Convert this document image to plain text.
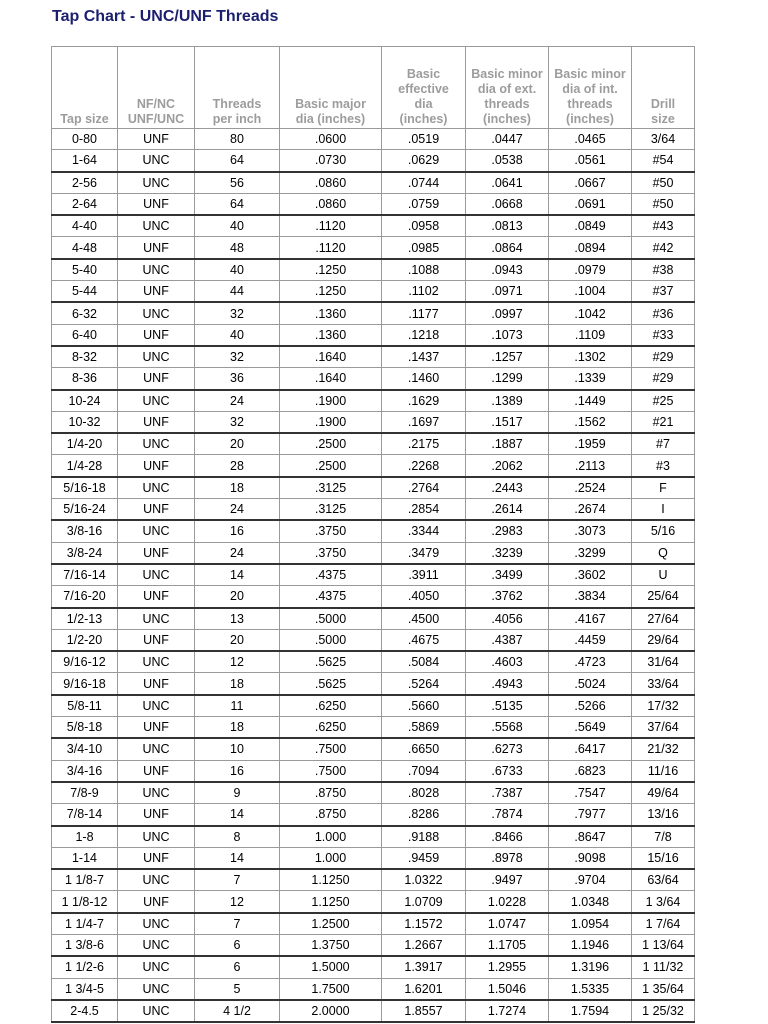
Tap Chart - UNC/UNF Threads
Tap size	NF/NC UNF/UNC	Threads per inch	Basic major dia (inches)	Basic effective dia (inches)	Basic minor dia of ext. threads (inches)	Basic minor dia of int. threads (inches)	Drill size

0-80	UNF	80	.0600	.0519	.0447	.0465	3/64
1-64	UNC	64	.0730	.0629	.0538	.0561	#54
2-56	UNC	56	.0860	.0744	.0641	.0667	#50
2-64	UNF	64	.0860	.0759	.0668	.0691	#50
4-40	UNC	40	.1120	.0958	.0813	.0849	#43
4-48	UNF	48	.1120	.0985	.0864	.0894	#42
5-40	UNC	40	.1250	.1088	.0943	.0979	#38
5-44	UNF	44	.1250	.1102	.0971	.1004	#37
6-32	UNC	32	.1360	.1177	.0997	.1042	#36
6-40	UNF	40	.1360	.1218	.1073	.1109	#33
8-32	UNC	32	.1640	.1437	.1257	.1302	#29
8-36	UNF	36	.1640	.1460	.1299	.1339	#29
10-24	UNC	24	.1900	.1629	.1389	.1449	#25
10-32	UNF	32	.1900	.1697	.1517	.1562	#21
1/4-20	UNC	20	.2500	.2175	.1887	.1959	#7
1/4-28	UNF	28	.2500	.2268	.2062	.2113	#3
5/16-18	UNC	18	.3125	.2764	.2443	.2524	F
5/16-24	UNF	24	.3125	.2854	.2614	.2674	I
3/8-16	UNC	16	.3750	.3344	.2983	.3073	5/16
3/8-24	UNF	24	.3750	.3479	.3239	.3299	Q
7/16-14	UNC	14	.4375	.3911	.3499	.3602	U
7/16-20	UNF	20	.4375	.4050	.3762	.3834	25/64
1/2-13	UNC	13	.5000	.4500	.4056	.4167	27/64
1/2-20	UNF	20	.5000	.4675	.4387	.4459	29/64
9/16-12	UNC	12	.5625	.5084	.4603	.4723	31/64
9/16-18	UNF	18	.5625	.5264	.4943	.5024	33/64
5/8-11	UNC	11	.6250	.5660	.5135	.5266	17/32
5/8-18	UNF	18	.6250	.5869	.5568	.5649	37/64
3/4-10	UNC	10	.7500	.6650	.6273	.6417	21/32
3/4-16	UNF	16	.7500	.7094	.6733	.6823	11/16
7/8-9	UNC	9	.8750	.8028	.7387	.7547	49/64
7/8-14	UNF	14	.8750	.8286	.7874	.7977	13/16
1-8	UNC	8	1.000	.9188	.8466	.8647	7/8
1-14	UNF	14	1.000	.9459	.8978	.9098	15/16
1 1/8-7	UNC	7	1.1250	1.0322	.9497	.9704	63/64
1 1/8-12	UNF	12	1.1250	1.0709	1.0228	1.0348	1 3/64
1 1/4-7	UNC	7	1.2500	1.1572	1.0747	1.0954	1 7/64
1 3/8-6	UNC	6	1.3750	1.2667	1.1705	1.1946	1 13/64
1 1/2-6	UNC	6	1.5000	1.3917	1.2955	1.3196	1 11/32
1 3/4-5	UNC	5	1.7500	1.6201	1.5046	1.5335	1 35/64
2-4.5	UNC	4 1/2	2.0000	1.8557	1.7274	1.7594	1 25/32
